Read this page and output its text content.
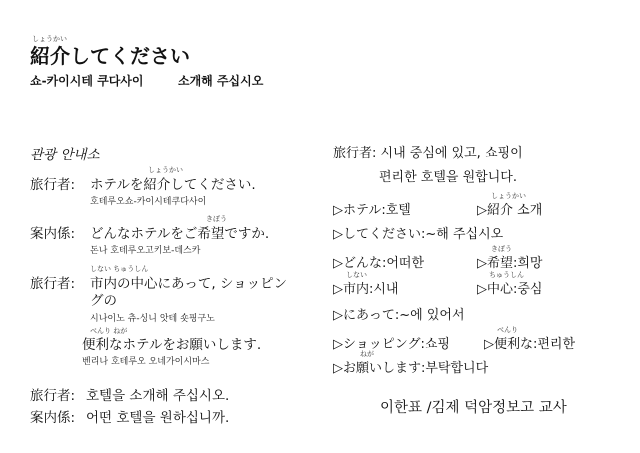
しょうかい
紹介してください
쇼-카이시테 쿠다사이	소개해 주십시오
관광 안내소
旅行者:
しょうかい
ホテルを紹介してください.
호테루오쇼-카이시테쿠다사이
案内係:
きぼう
どんなホテルをご希望ですか.
돈나 호테루오고키보-데스카
旅行者:
しない ちゅうしん
市内の中心にあって, ショッピン
グの
시나이노 츄-싱니 앗테 숏핑구노
べんり ねが
便利なホテルをお願いします.
벤리나 호테루오 오네가이시마스
旅行者: 호텔을 소개해 주십시오.
案内係: 어떤 호텔을 원하십니까.
旅行者: 시내 중심에 있고, 쇼핑이
편리한 호텔을 원합니다.
▷ホテル:호텔
しょうかい
▷紹介 소개
▷してください:~해 주십시오
▷どんな:어떠한
きぼう
▷希望:희망
しない
▷市内:시내
ちゅうしん
▷中心:중심
▷にあって:~에 있어서
▷ショッピング:쇼핑
べんり
▷便利な:편리한
ねが
▷お願いします:부탁합니다
이한표 /김제 덕암정보고 교사
